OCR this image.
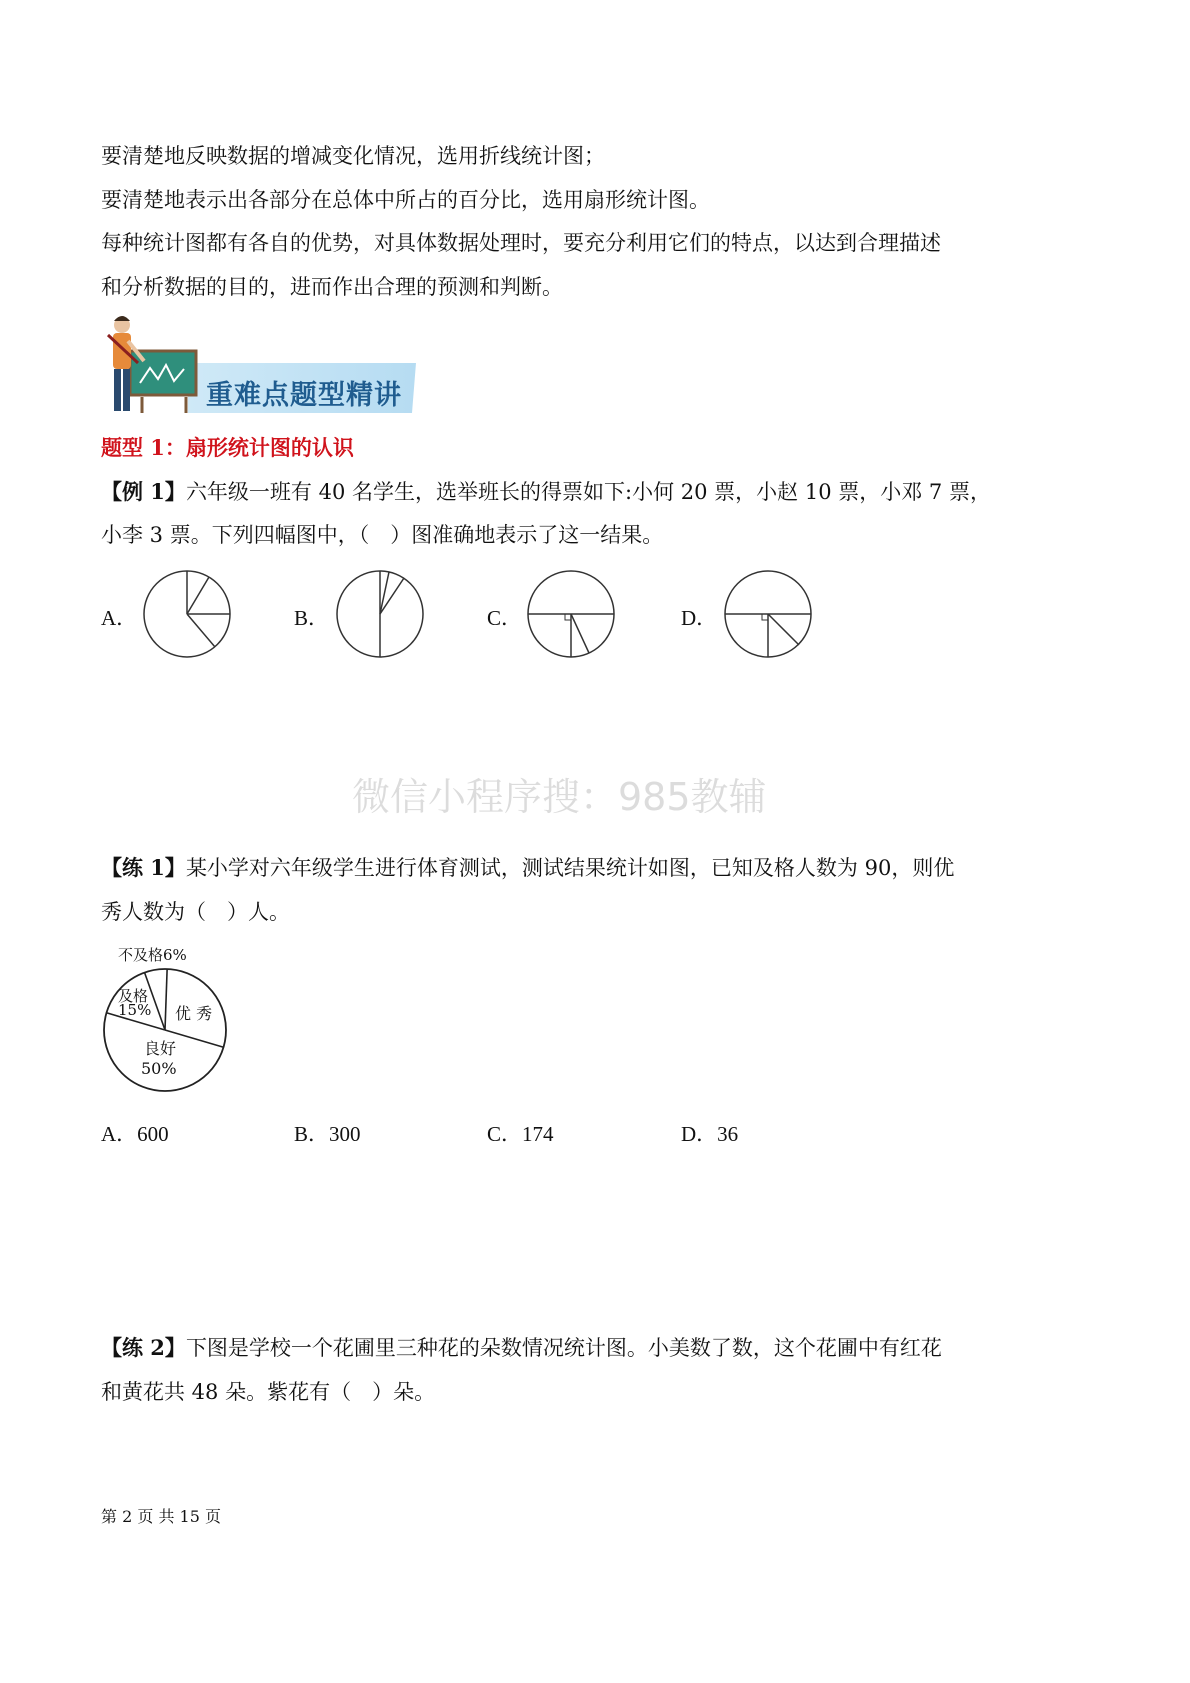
要清楚地反映数据的增减变化情况，选用折线统计图；
要清楚地表示出各部分在总体中所占的百分比，选用扇形统计图。
每种统计图都有各自的优势，对具体数据处理时，要充分利用它们的特点，以达到合理描述
和分析数据的目的，进而作出合理的预测和判断。
重难点题型精讲
题型 1：扇形统计图的认识
【例 1】六年级一班有 40 名学生，选举班长的得票如下:小何 20 票，小赵 10 票，小邓 7 票，
小李 3 票。下列四幅图中，（　）图准确地表示了这一结果。
A．	B．	C．	D．
微信小程序搜：985教辅
【练 1】某小学对六年级学生进行体育测试，测试结果统计如图，已知及格人数为 90，则优
秀人数为（　）人。
不及格6%
及格
15% 优 秀
良好
50%
A．600	B．300	C．174	D．36
【练 2】下图是学校一个花圃里三种花的朵数情况统计图。小美数了数，这个花圃中有红花
和黄花共 48 朵。紫花有（　）朵。
第 2 页 共 15 页
